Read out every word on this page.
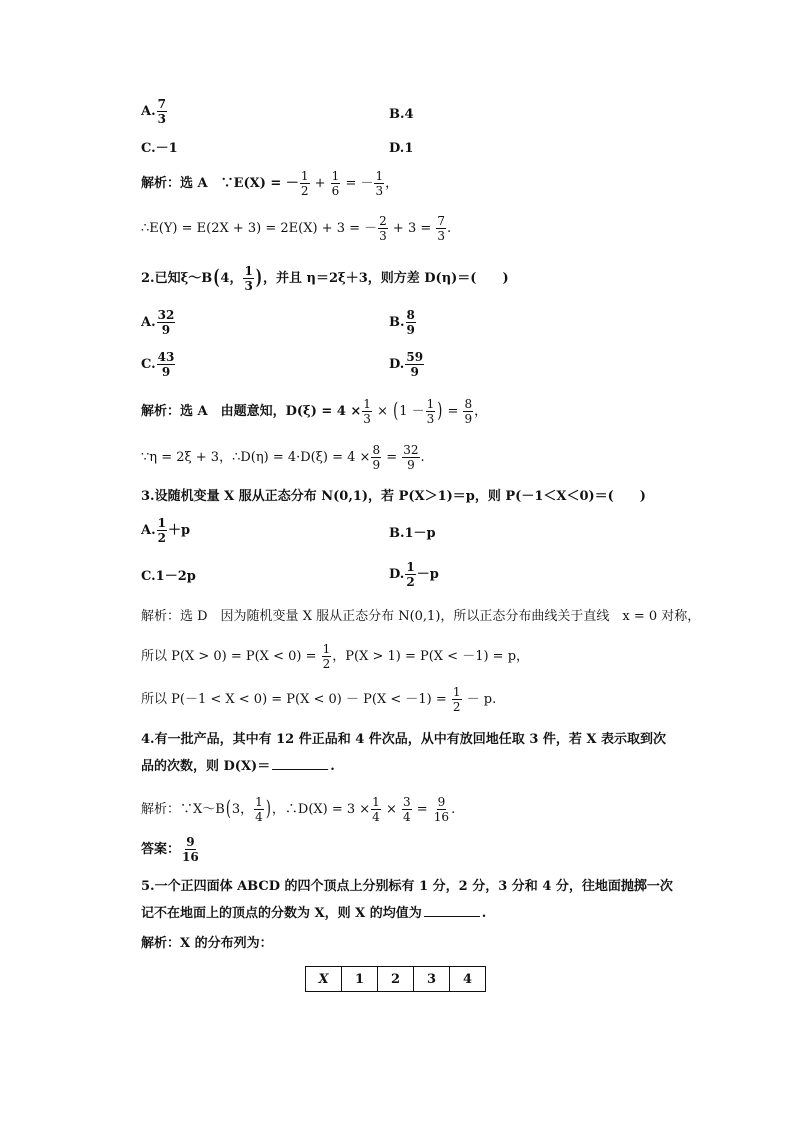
A. $\frac{7}{3}$	B.4
C.－1	D.1
解析：选 A　∵E(X) = － $\frac{1}{2} + \frac{1}{6}$ = － $\frac{1}{3}$ ，
∴E(Y) = E(2X + 3) = 2E(X) + 3 = － $\frac{2}{3} + 3 = \frac{7}{3}$ .
2.已知ξ～B(4， $\frac{1}{3}$ )，并且 η＝2ξ＋3，则方差 D(η)＝(　　)
A. $\frac{32}{9}$	B. $\frac{8}{9}$
C. $\frac{43}{9}$	D. $\frac{59}{9}$
解析：选 A　由题意知，$D(\xi) = 4 \times \frac{1}{3} \times (1 - \frac{1}{3}$ ) = $\frac{8}{9}$ ，
∵η = 2ξ + 3，∴D(η) = $4\cdot D(\xi) = 4 \times \frac{8}{9} = \frac{32}{9}$ .
3.设随机变量 X 服从正态分布 N(0,1)，若 P(X＞1)＝p，则 P(－1＜X＜0)＝(　　)
A. $\frac{1}{2} +p$	B.1－p
C.1－2p	D. $\frac{1}{2} -p$
解析：选 D　因为随机变量 X 服从正态分布 N(0,1)，所以正态分布曲线关于直线　x = 0 对称，
所以 $P(X > 0) = P(X < 0) = \frac{1}{2}$ ，P(X > 1) = P(X < －1) = p，
所以 $P(-1 < X < 0) = P(X < 0) - P(X < -1) = \frac{1}{2} - p$.
4.有一批产品，其中有 12 件正品和 4 件次品，从中有放回地任取 3 件，若 X 表示取到次
品的次数，则 D(X)＝	.
解析：∵X～B(3， $\frac{1}{4}$ )，∴D(X) = $3 \times \frac{1}{4} \times \frac{3}{4} = \frac{9}{16}$ .
答案： $\frac{9}{16}$
5.一个正四面体 ABCD 的四个顶点上分别标有 1 分，2 分，3 分和 4 分，往地面抛掷一次
记不在地面上的顶点的分数为 X，则 X 的均值为	.
解析：X 的分布列为：
X	1	2	3	4
